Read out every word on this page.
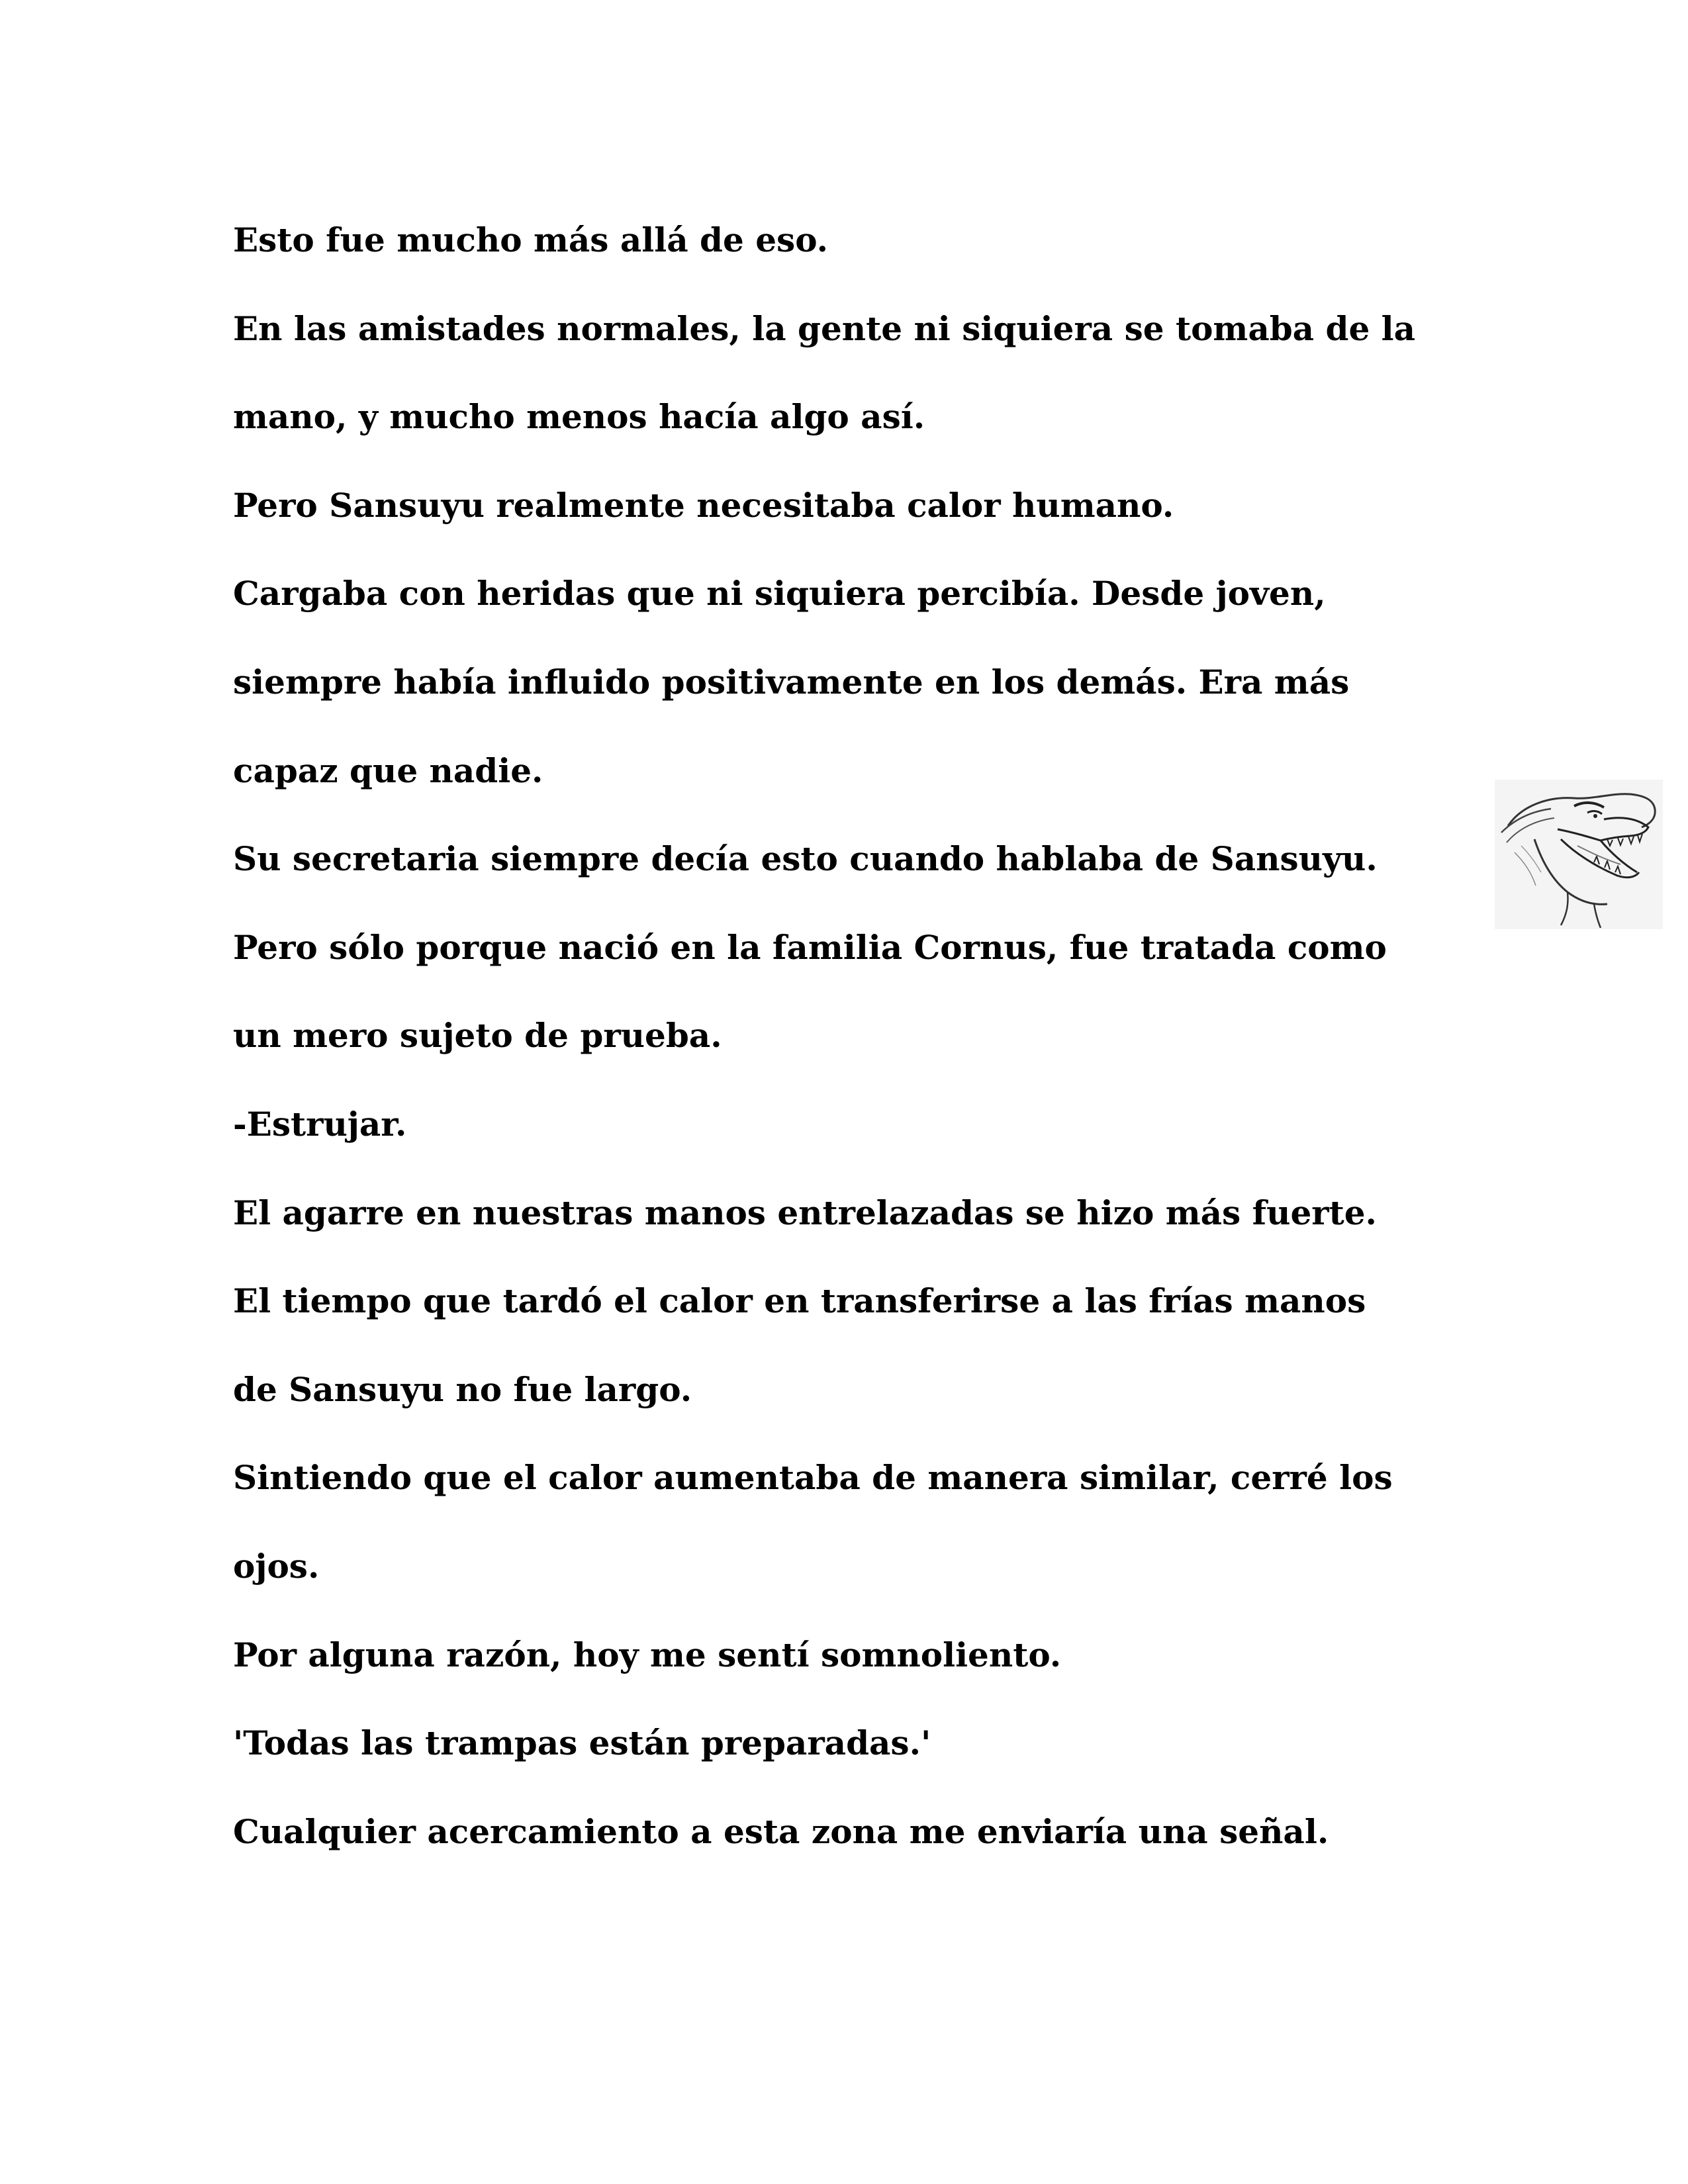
Esto fue mucho más allá de eso.
En las amistades normales, la gente ni siquiera se tomaba de la
mano, y mucho menos hacía algo así.
Pero Sansuyu realmente necesitaba calor humano.
Cargaba con heridas que ni siquiera percibía. Desde joven,
siempre había influido positivamente en los demás. Era más
capaz que nadie.
Su secretaria siempre decía esto cuando hablaba de Sansuyu.
Pero sólo porque nació en la familia Cornus, fue tratada como
un mero sujeto de prueba.
-Estrujar.
El agarre en nuestras manos entrelazadas se hizo más fuerte.
El tiempo que tardó el calor en transferirse a las frías manos
de Sansuyu no fue largo.
Sintiendo que el calor aumentaba de manera similar, cerré los
ojos.
Por alguna razón, hoy me sentí somnoliento.
'Todas las trampas están preparadas.'
Cualquier acercamiento a esta zona me enviaría una señal.
